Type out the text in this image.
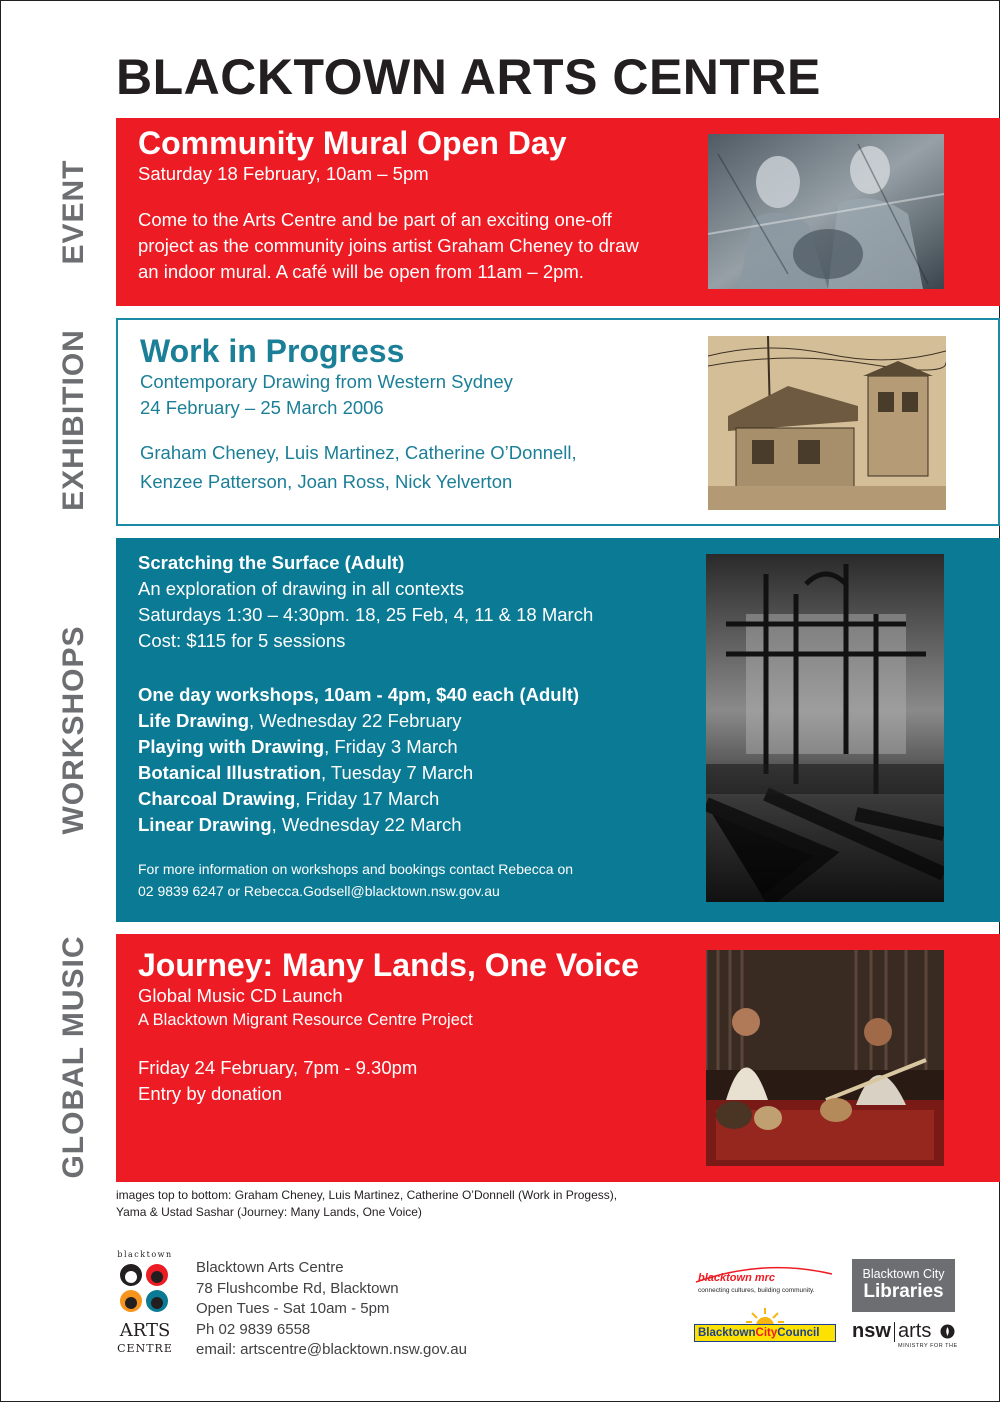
BLACKTOWN ARTS CENTRE
EVENT
EXHIBITION
WORKSHOPS
GLOBAL MUSIC
Community Mural Open Day
Saturday 18 February, 10am – 5pm
Come to the Arts Centre and be part of an exciting one-off
project as the community joins artist Graham Cheney to draw
an indoor mural. A café will be open from 11am – 2pm.
Work in Progress
Contemporary Drawing from Western Sydney
24 February – 25 March 2006
Graham Cheney, Luis Martinez, Catherine O’Donnell,
Kenzee Patterson, Joan Ross, Nick Yelverton
Scratching the Surface (Adult)
An exploration of drawing in all contexts
Saturdays 1:30 – 4:30pm. 18, 25 Feb, 4, 11 & 18 March
Cost: $115 for 5 sessions
One day workshops, 10am - 4pm, $40 each (Adult)
Life Drawing, Wednesday 22 February
Playing with Drawing, Friday 3 March
Botanical Illustration, Tuesday 7 March
Charcoal Drawing, Friday 17 March
Linear Drawing, Wednesday 22 March
For more information on workshops and bookings contact Rebecca on
02 9839 6247 or Rebecca.Godsell@blacktown.nsw.gov.au
Journey: Many Lands, One Voice
Global Music CD Launch
A Blacktown Migrant Resource Centre Project
Friday 24 February, 7pm - 9.30pm
Entry by donation
images top to bottom: Graham Cheney, Luis Martinez, Catherine O’Donnell (Work in Progess),
Yama & Ustad Sashar (Journey: Many Lands, One Voice)
blacktown
ARTS
CENTRE
Blacktown Arts Centre
78 Flushcombe Rd, Blacktown
Open Tues - Sat 10am - 5pm
Ph 02 9839 6558
email: artscentre@blacktown.nsw.gov.au
blacktown mrc
connecting cultures, building community.
BlacktownCityCouncil
Blacktown City
Libraries
nsw arts
MINISTRY FOR THE
